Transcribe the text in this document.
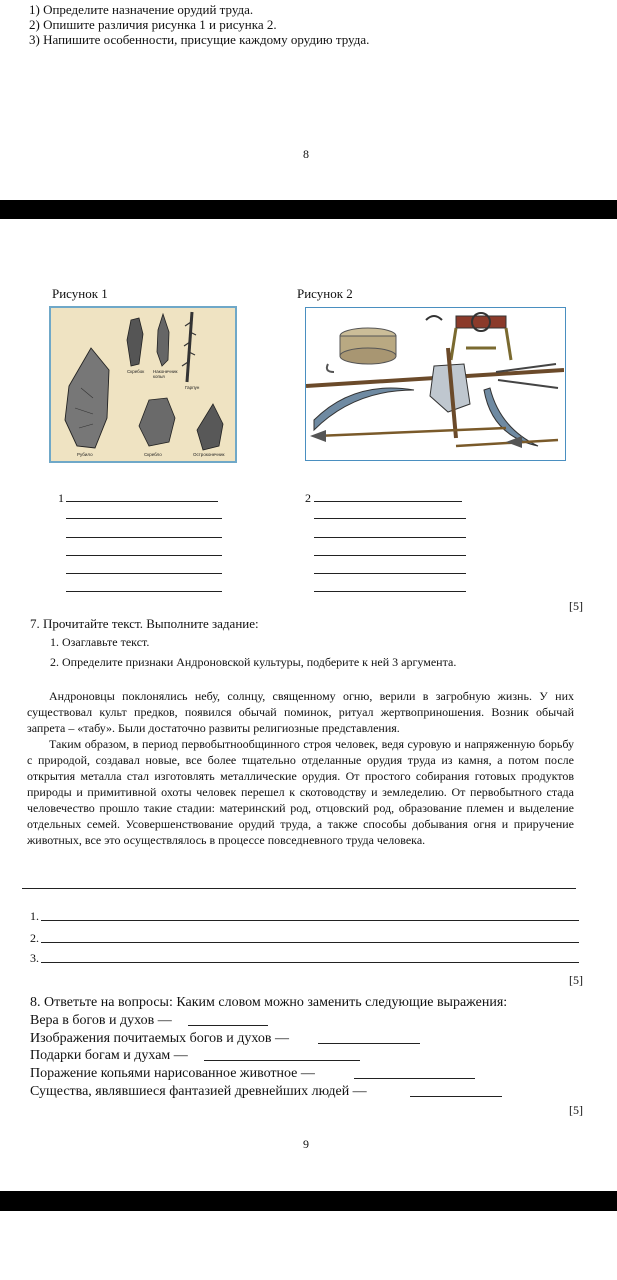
1) Определите назначение орудий труда.
2) Опишите различия рисунка 1 и рисунка 2.
3) Напишите особенности, присущие каждому орудию труда.
8
Рисунок 1	Рисунок 2
Скребок Наконечник копья
Гарпун
Рубило	Скребло	Остроконечник
1	2
[5]
7. Прочитайте текст. Выполните задание:
1. Озаглавьте текст.
2. Определите признаки Андроновской культуры, подберите к ней 3 аргумента.

Андроновцы поклонялись небу, солнцу, священному огню, верили в загробную жизнь. У них существовал культ предков, появился обычай поминок, ритуал жертвоприношения. Возник обычай запрета – «табу». Были достаточно развиты религиозные представления.

Таким образом, в период первобытнообщинного строя человек, ведя суровую и напряженную борьбу с природой, создавал новые, все более тщательно отделанные орудия труда из камня, а потом после открытия металла стал изготовлять металлические орудия. От простого собирания готовых продуктов природы и примитивной охоты человек перешел к скотоводству и земледелию. От первобытного стада человечество прошло такие стадии: материнский род, отцовский род, образование племен и выделение отдельных семей. Усовершенствование орудий труда, а также способы добывания огня и приручение животных, все это осуществлялось в процессе повседневного труда человека.

1.
2.
3.
[5]
8. Ответьте на вопросы: Каким словом можно заменить следующие выражения:
Вера в богов и духов —
Изображения почитаемых богов и духов —
Подарки богам и духам —
Поражение копьями нарисованное животное —
Существа, являвшиеся фантазией древнейших людей —
[5]
9
